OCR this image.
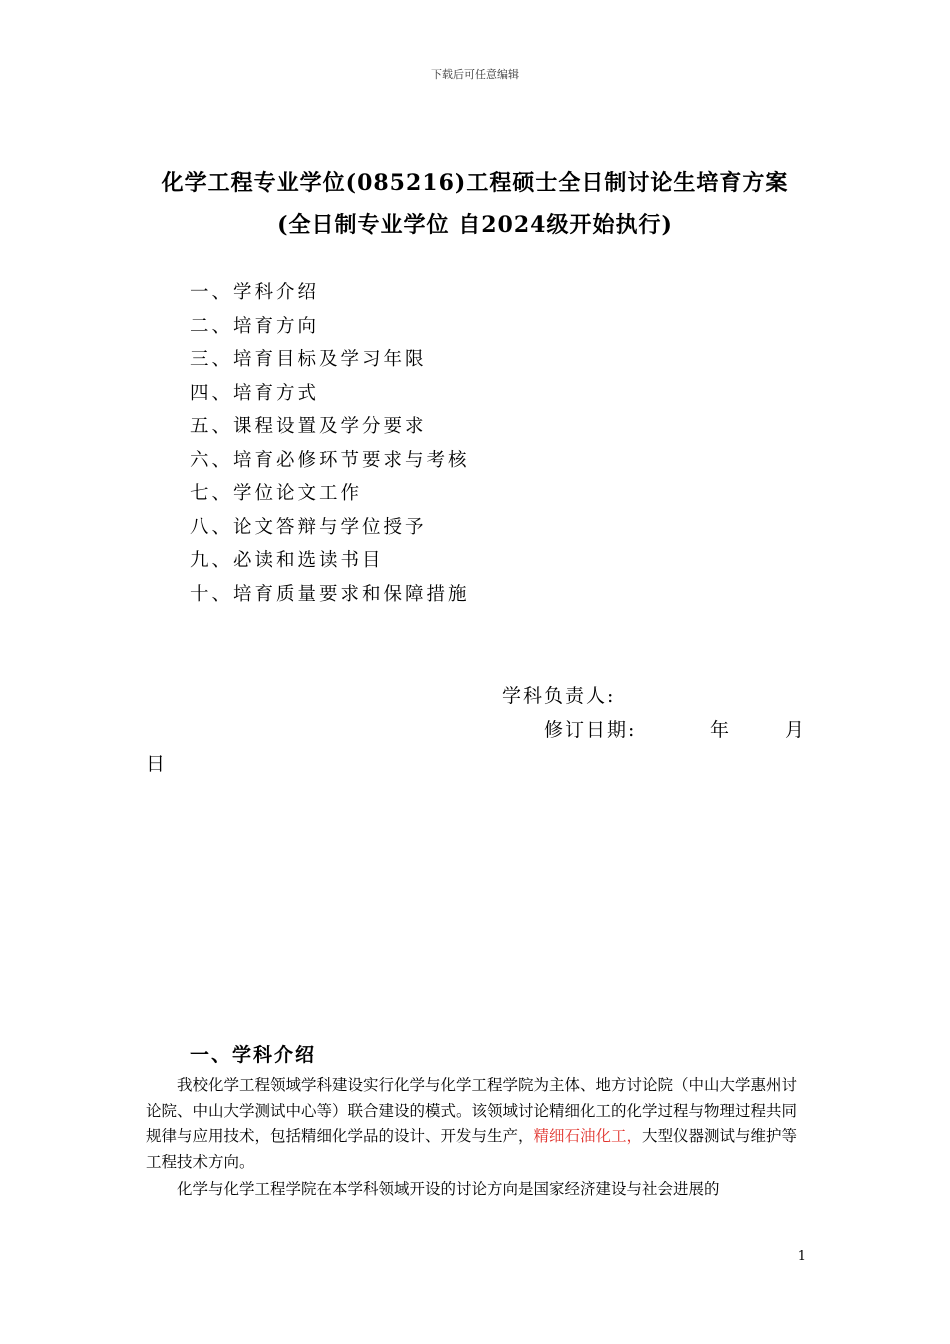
下载后可任意编辑
化学工程专业学位(085216)工程硕士全日制讨论生培育方案
(全日制专业学位 自2024级开始执行)
一、学科介绍
二、培育方向
三、培育目标及学习年限
四、培育方式
五、课程设置及学分要求
六、培育必修环节要求与考核
七、学位论文工作
八、论文答辩与学位授予
九、必读和选读书目
十、培育质量要求和保障措施
学科负责人:
修订日期:	年	月
日
一、学科介绍

我校化学工程领域学科建设实行化学与化学工程学院为主体、地方讨论院（中山大学惠州讨论院、中山大学测试中心等）联合建设的模式。该领域讨论精细化工的化学过程与物理过程共同规律与应用技术，包括精细化学品的设计、开发与生产，精细石油化工，大型仪器测试与维护等工程技术方向。

化学与化学工程学院在本学科领域开设的讨论方向是国家经济建设与社会进展的

1
